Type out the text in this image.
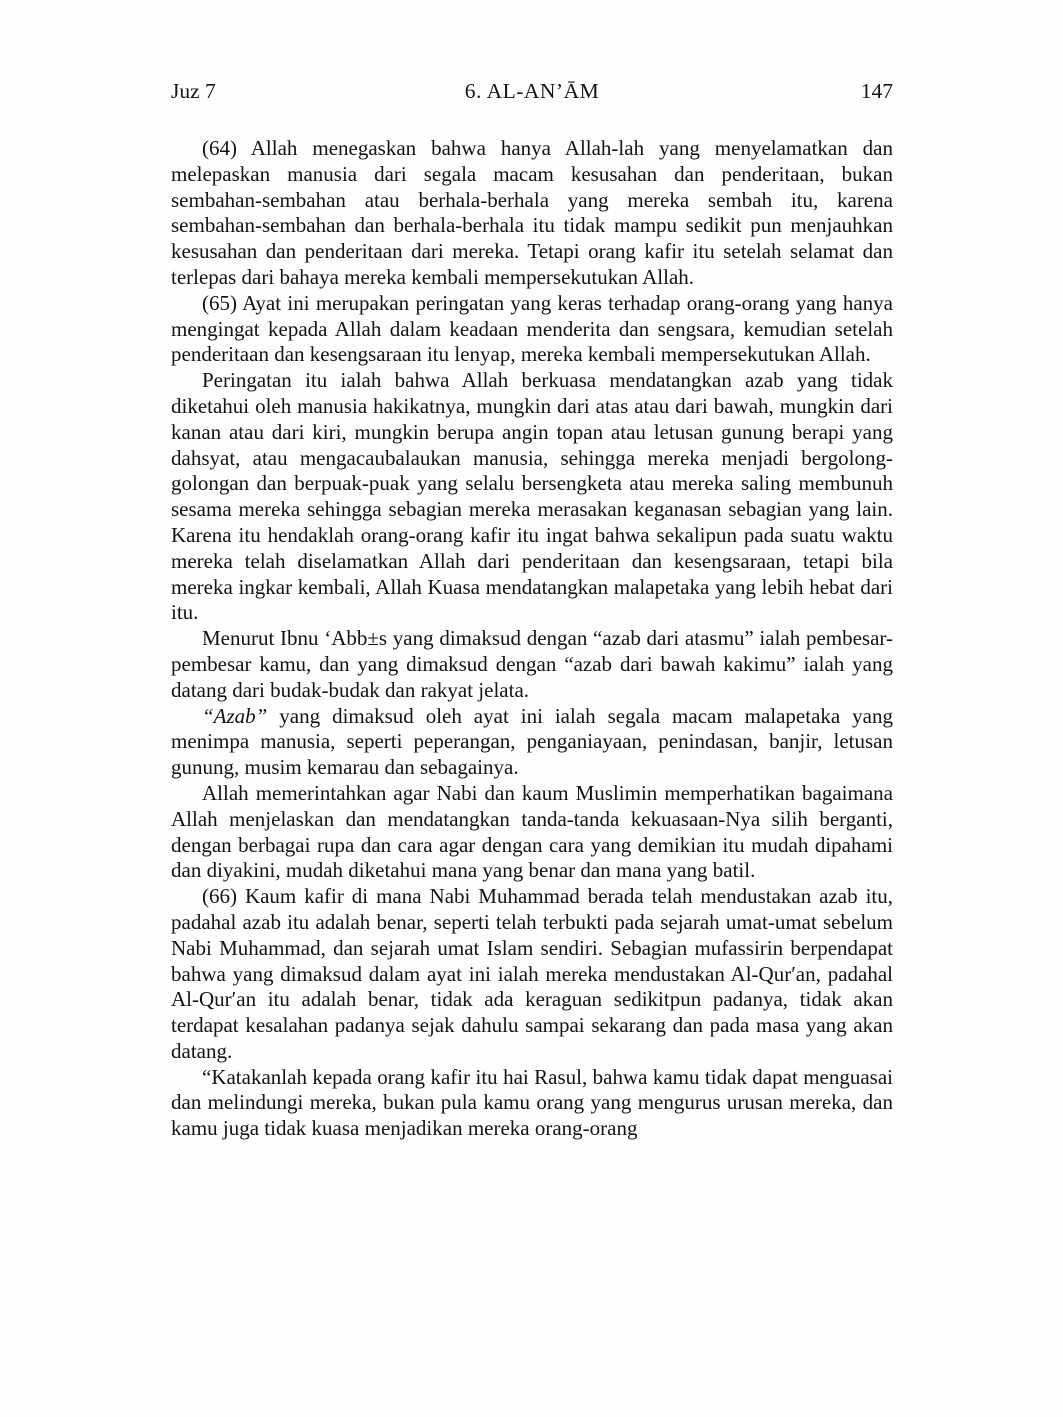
Juz 7	6. AL-AN’ĀM	147

(64) Allah menegaskan bahwa hanya Allah-lah yang menyelamatkan dan melepaskan manusia dari segala macam kesusahan dan penderitaan, bukan sembahan-sembahan atau berhala-berhala yang mereka sembah itu, karena sembahan-sembahan dan berhala-berhala itu tidak mampu sedikit pun menjauhkan kesusahan dan penderitaan dari mereka. Tetapi orang kafir itu setelah selamat dan terlepas dari bahaya mereka kembali mempersekutukan Allah.

(65) Ayat ini merupakan peringatan yang keras terhadap orang-orang yang hanya mengingat kepada Allah dalam keadaan menderita dan sengsara, kemudian setelah penderitaan dan kesengsaraan itu lenyap, mereka kembali mempersekutukan Allah.

Peringatan itu ialah bahwa Allah berkuasa mendatangkan azab yang tidak diketahui oleh manusia hakikatnya, mungkin dari atas atau dari bawah, mungkin dari kanan atau dari kiri, mungkin berupa angin topan atau letusan gunung berapi yang dahsyat, atau mengacaubalaukan manusia, sehingga mereka menjadi bergolong-golongan dan berpuak-puak yang selalu bersengketa atau mereka saling membunuh sesama mereka sehingga sebagian mereka merasakan keganasan sebagian yang lain. Karena itu hendaklah orang-orang kafir itu ingat bahwa sekalipun pada suatu waktu mereka telah diselamatkan Allah dari penderitaan dan kesengsaraan, tetapi bila mereka ingkar kembali, Allah Kuasa mendatangkan malapetaka yang lebih hebat dari itu.

Menurut Ibnu ‘Abb±s yang dimaksud dengan “azab dari atasmu” ialah pembesar-pembesar kamu, dan yang dimaksud dengan “azab dari bawah kakimu” ialah yang datang dari budak-budak dan rakyat jelata.

“Azab” yang dimaksud oleh ayat ini ialah segala macam malapetaka yang menimpa manusia, seperti peperangan, penganiayaan, penindasan, banjir, letusan gunung, musim kemarau dan sebagainya.

Allah memerintahkan agar Nabi dan kaum Muslimin memperhatikan bagaimana Allah menjelaskan dan mendatangkan tanda-tanda kekuasaan-Nya silih berganti, dengan berbagai rupa dan cara agar dengan cara yang demikian itu mudah dipahami dan diyakini, mudah diketahui mana yang benar dan mana yang batil.

(66) Kaum kafir di mana Nabi Muhammad berada telah mendustakan azab itu, padahal azab itu adalah benar, seperti telah terbukti pada sejarah umat-umat sebelum Nabi Muhammad, dan sejarah umat Islam sendiri. Sebagian mufassirin berpendapat bahwa yang dimaksud dalam ayat ini ialah mereka mendustakan Al-Qur′an, padahal Al-Qur′an itu adalah benar, tidak ada keraguan sedikitpun padanya, tidak akan terdapat kesalahan padanya sejak dahulu sampai sekarang dan pada masa yang akan datang.

“Katakanlah kepada orang kafir itu hai Rasul, bahwa kamu tidak dapat menguasai dan melindungi mereka, bukan pula kamu orang yang mengurus urusan mereka, dan kamu juga tidak kuasa menjadikan mereka orang-orang
